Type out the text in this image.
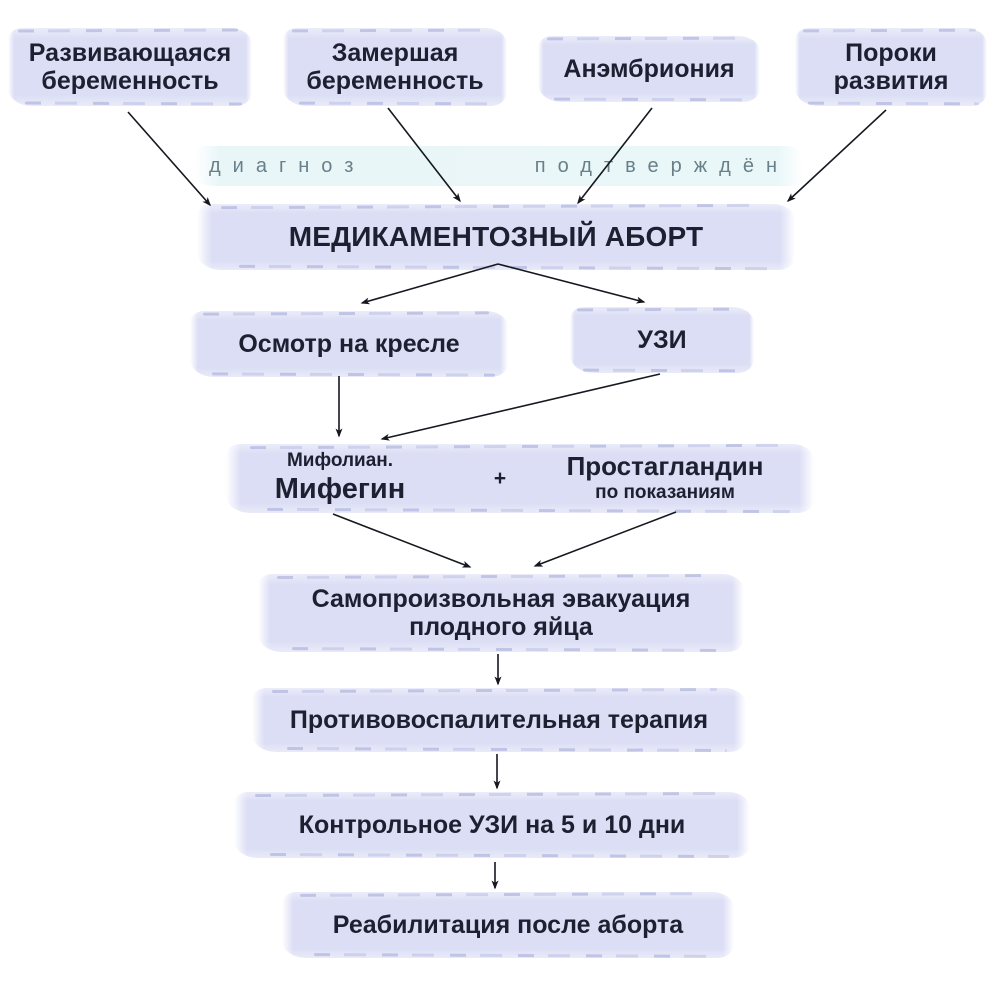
Развивающаяся
беременность
Замершая
беременность	Анэмбриония
Пороки
развития
диагноз	подтверждён
МЕДИКАМЕНТОЗНЫЙ АБОРТ
Осмотр на кресле	УЗИ
Мифолиан.
Мифегин	+	Простагландин
по показаниям
Самопроизвольная эвакуация
плодного яйца
Противовоспалительная терапия
Контрольное УЗИ на 5 и 10 дни
Реабилитация после аборта
